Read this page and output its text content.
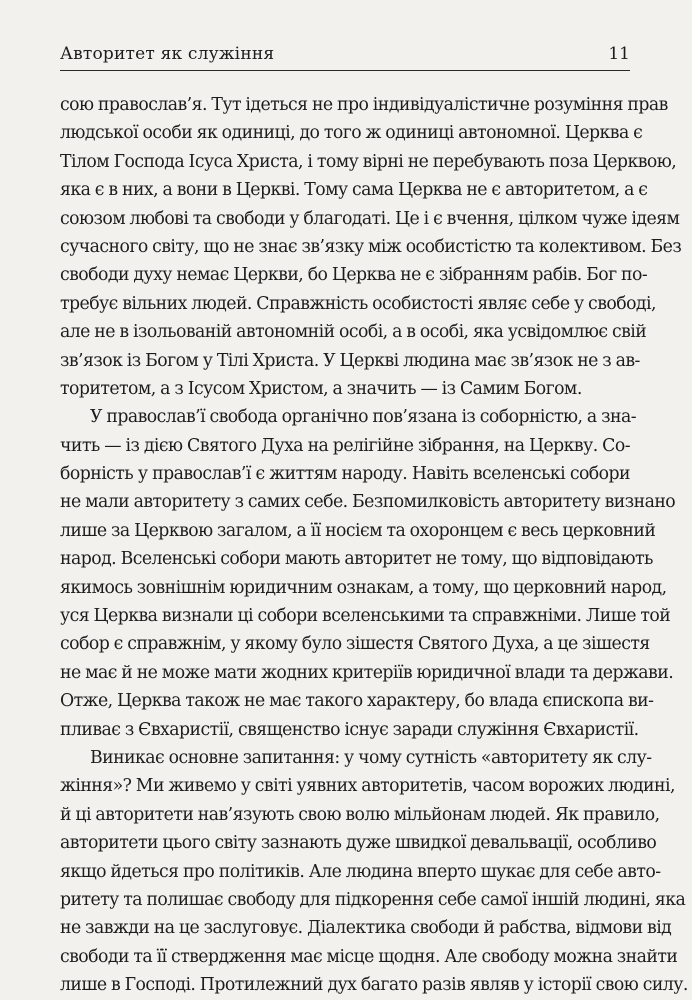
Авторитет як служіння	11
сою православ’я. Тут ідеться не про індивідуалістичне розуміння прав
людської особи як одиниці, до того ж одиниці автономної. Церква є
Тілом Господа Ісуса Христа, і тому вірні не перебувають поза Церквою,
яка є в них, а вони в Церкві. Тому сама Церква не є авторитетом, а є
союзом любові та свободи у благодаті. Це і є вчення, цілком чуже ідеям
сучасного світу, що не знає зв’язку між особистістю та колективом. Без
свободи духу немає Церкви, бо Церква не є зібранням рабів. Бог по-
требує вільних людей. Справжність особистості являє себе у свободі,
але не в ізольованій автономній особі, а в особі, яка усвідомлює свій
зв’язок із Богом у Тілі Христа. У Церкві людина має зв’язок не з ав-
торитетом, а з Ісусом Христом, а значить — із Самим Богом.
У православ’ї свобода органічно пов’язана із соборністю, а зна-
чить — із дією Святого Духа на релігійне зібрання, на Церкву. Со-
борність у православ’ї є життям народу. Навіть вселенські собори
не мали авторитету з самих себе. Безпомилковість авторитету визнано
лише за Церквою загалом, а її носієм та охоронцем є весь церковний
народ. Вселенські собори мають авторитет не тому, що відповідають
якимось зовнішнім юридичним ознакам, а тому, що церковний народ,
уся Церква визнали ці собори вселенськими та справжніми. Лише той
собор є справжнім, у якому було зішестя Святого Духа, а це зішестя
не має й не може мати жодних критеріїв юридичної влади та держави.
Отже, Церква також не має такого характеру, бо влада єпископа ви-
пливає з Євхаристії, священство існує заради служіння Євхаристії.
Виникає основне запитання: у чому сутність «авторитету як слу-
жіння»? Ми живемо у світі уявних авторитетів, часом ворожих людині,
й ці авторитети нав’язують свою волю мільйонам людей. Як правило,
авторитети цього світу зазнають дуже швидкої девальвації, особливо
якщо йдеться про політиків. Але людина вперто шукає для себе авто-
ритету та полишає свободу для підкорення себе самої іншій людині, яка
не завжди на це заслуговує. Діалектика свободи й рабства, відмови від
свободи та її ствердження має місце щодня. Але свободу можна знайти
лише в Господі. Протилежний дух багато разів являв у історії свою силу.
